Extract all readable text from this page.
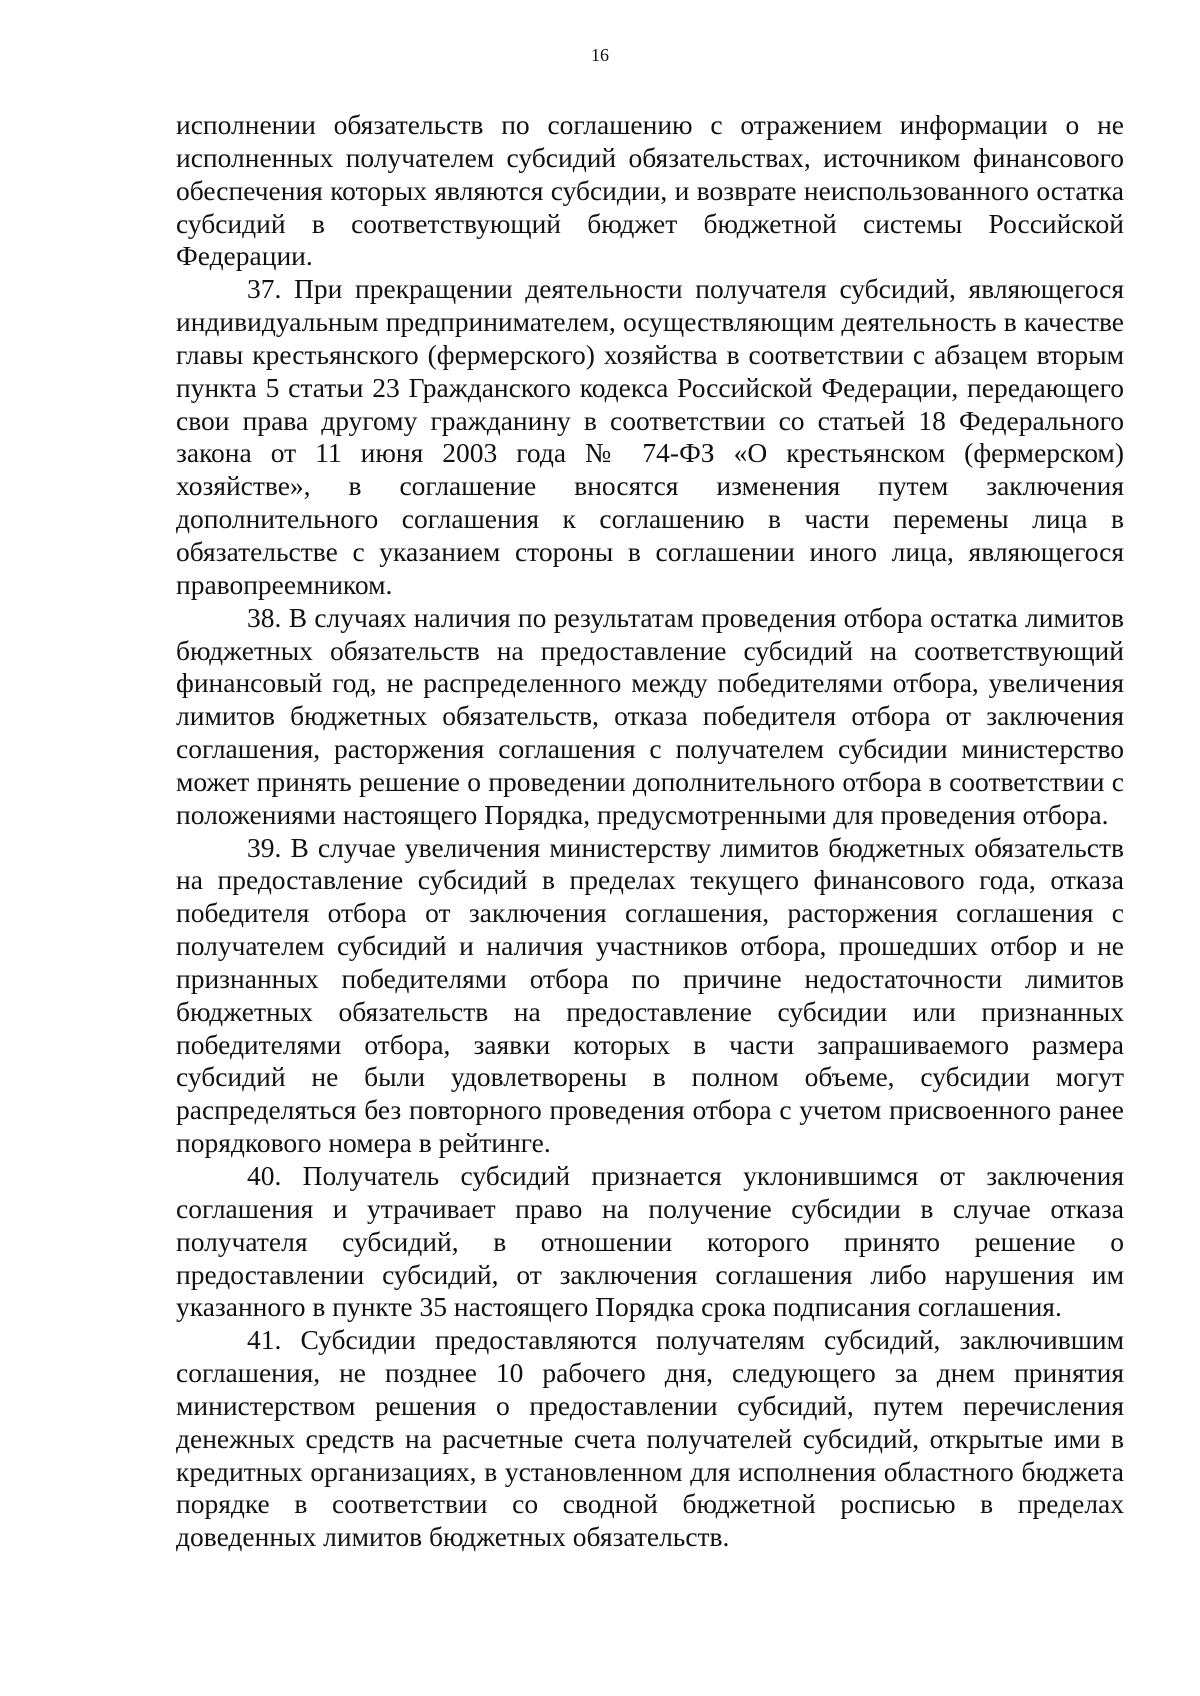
16

исполнении обязательств по соглашению с отражением информации о не исполненных получателем субсидий обязательствах, источником финансового обеспечения которых являются субсидии, и возврате неиспользованного остатка субсидий в соответствующий бюджет бюджетной системы Российской Федерации.

37. При прекращении деятельности получателя субсидий, являющегося индивидуальным предпринимателем, осуществляющим деятельность в качестве главы крестьянского (фермерского) хозяйства в соответствии с абзацем вторым пункта 5 статьи 23 Гражданского кодекса Российской Федерации, передающего свои права другому гражданину в соответствии со статьей 18 Федерального закона от 11 июня 2003 года № 74-ФЗ «О крестьянском (фермерском) хозяйстве», в соглашение вносятся изменения путем заключения дополнительного соглашения к соглашению в части перемены лица в обязательстве с указанием стороны в соглашении иного лица, являющегося правопреемником.

38. В случаях наличия по результатам проведения отбора остатка лимитов бюджетных обязательств на предоставление субсидий на соответствующий финансовый год, не распределенного между победителями отбора, увеличения лимитов бюджетных обязательств, отказа победителя отбора от заключения соглашения, расторжения соглашения с получателем субсидии министерство может принять решение о проведении дополнительного отбора в соответствии с положениями настоящего Порядка, предусмотренными для проведения отбора.

39. В случае увеличения министерству лимитов бюджетных обязательств на предоставление субсидий в пределах текущего финансового года, отказа победителя отбора от заключения соглашения, расторжения соглашения с получателем субсидий и наличия участников отбора, прошедших отбор и не признанных победителями отбора по причине недостаточности лимитов бюджетных обязательств на предоставление субсидии или признанных победителями отбора, заявки которых в части запрашиваемого размера субсидий не были удовлетворены в полном объеме, субсидии могут распределяться без повторного проведения отбора с учетом присвоенного ранее порядкового номера в рейтинге.

40. Получатель субсидий признается уклонившимся от заключения соглашения и утрачивает право на получение субсидии в случае отказа получателя субсидий, в отношении которого принято решение о предоставлении субсидий, от заключения соглашения либо нарушения им указанного в пункте 35 настоящего Порядка срока подписания соглашения.

41. Субсидии предоставляются получателям субсидий, заключившим соглашения, не позднее 10 рабочего дня, следующего за днем принятия министерством решения о предоставлении субсидий, путем перечисления денежных средств на расчетные счета получателей субсидий, открытые ими в кредитных организациях, в установленном для исполнения областного бюджета порядке в соответствии со сводной бюджетной росписью в пределах доведенных лимитов бюджетных обязательств.
